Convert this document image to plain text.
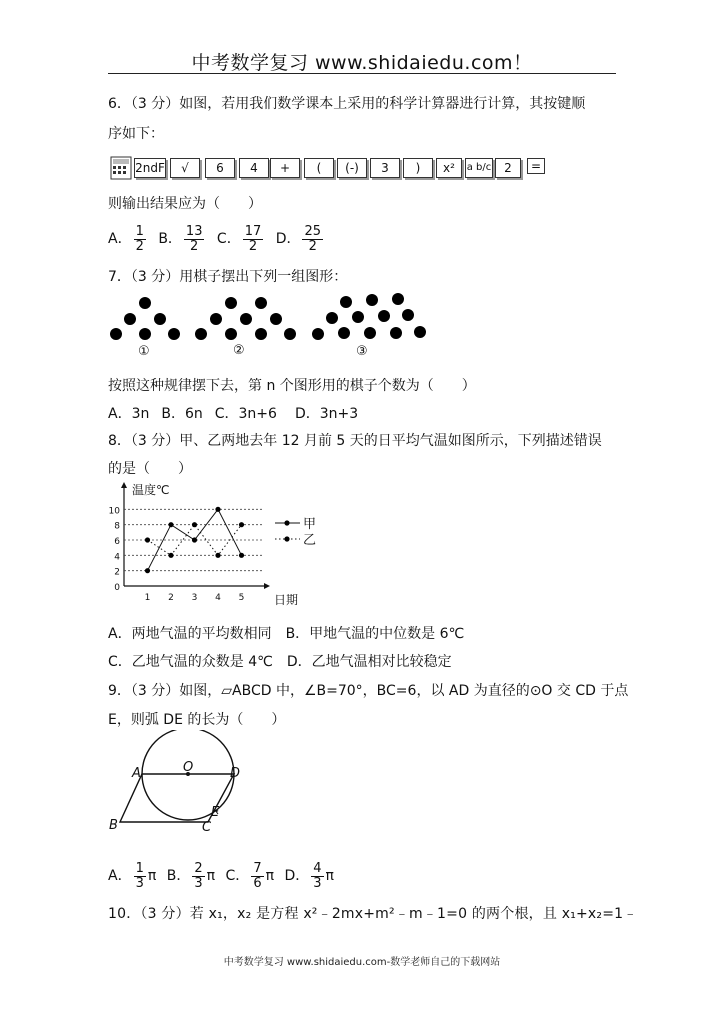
中考数学复习 www.shidaiedu.com！
6．（3 分）如图，若用我们数学课本上采用的科学计算器进行计算，其按键顺
序如下：
2ndF	√	6	4	+	(	(-)	3	)	x²	a b/c	2	=
则输出结果应为（　　）
A． $\frac{1}{2}$ B． $\frac{13}{2}$ C． $\frac{17}{2}$ D． $\frac{25}{2}$
7．（3 分）用棋子摆出下列一组图形：
①	②	③
按照这种规律摆下去，第 n 个图形用的棋子个数为（　　）
A．3n B．6n C．3n+6 D．3n+3
8．（3 分）甲、乙两地去年 12 月前 5 天的日平均气温如图所示，下列描述错误
的是（　　）
0
2
4
6
8
10
1 2 3 4 5
温度℃
日期
甲
乙
A．两地气温的平均数相同　B．甲地气温的中位数是 6℃
C．乙地气温的众数是 4℃　D．乙地气温相对比较稳定
9．（3 分）如图，▱ABCD 中，∠B=70°，BC=6，以 AD 为直径的⊙O 交 CD 于点
E，则弧 DE 的长为（　　）
A	O	D
B	C
E
A． $\frac{1}{3}$ π B． $\frac{2}{3}$ π C． $\frac{7}{6}$ π D． $\frac{4}{3}$ π
10．（3 分）若 x₁，x₂ 是方程 x²﹣2mx+m²﹣m﹣1=0 的两个根，且 x₁+x₂=1﹣
中考数学复习 www.shidaiedu.com-数学老师自己的下载网站
